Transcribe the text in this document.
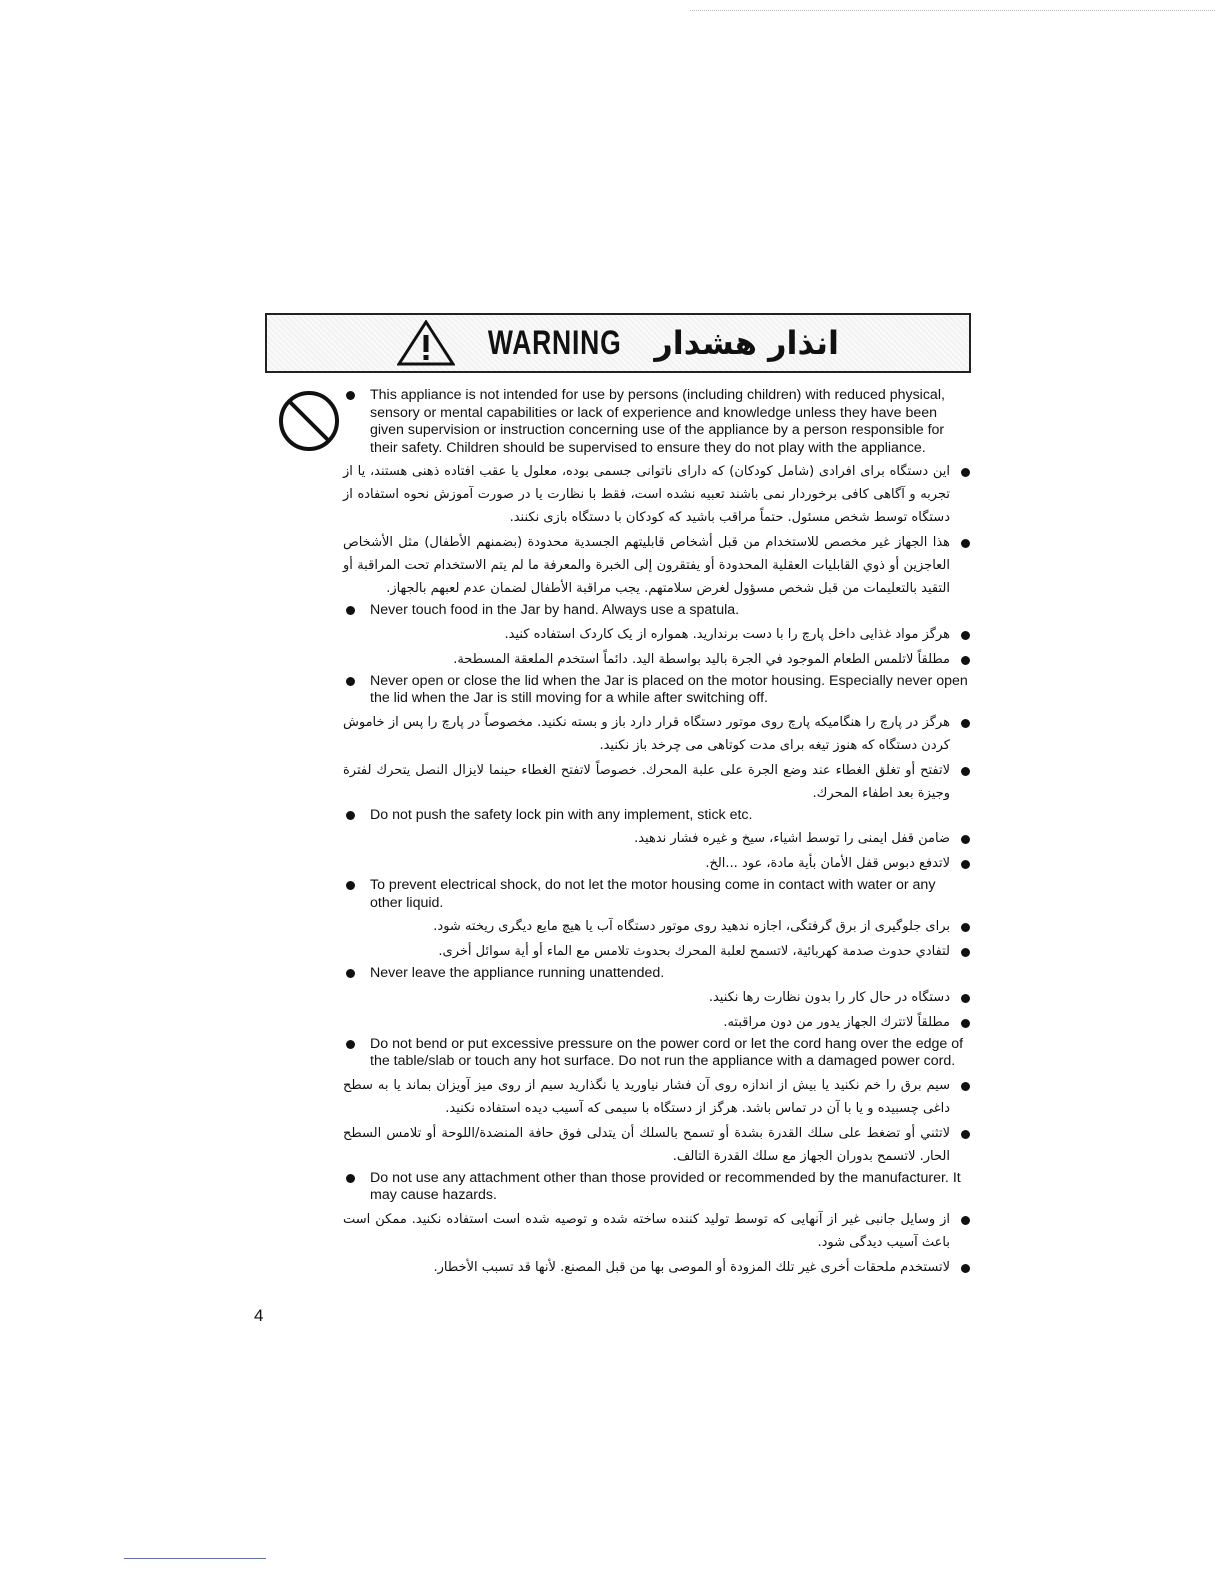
WARNING انذار هشدار
This appliance is not intended for use by persons (including children) with reduced physical, sensory or mental capabilities or lack of experience and knowledge unless they have been given supervision or instruction concerning use of the appliance by a person responsible for their safety. Children should be supervised to ensure they do not play with the appliance.
این دستگاه برای افرادی (شامل کودکان) که دارای ناتوانی جسمی بوده، معلول یا عقب افتاده ذهنی هستند، یا از تجربه و آگاهی کافی برخوردار نمی باشند تعبیه نشده است، فقط با نظارت یا در صورت آموزش نحوه استفاده از دستگاه توسط شخص مسئول. حتماً مراقب باشید که کودکان با دستگاه بازی نکنند.
هذا الجهاز غير مخصص للاستخدام من قبل أشخاص قابليتهم الجسدية محدودة (بضمنهم الأطفال) مثل الأشخاص العاجزين أو ذوي القابليات العقلية المحدودة أو يفتقرون إلى الخبرة والمعرفة ما لم يتم الاستخدام تحت المراقبة أو التقيد بالتعليمات من قبل شخص مسؤول لغرض سلامتهم. يجب مراقبة الأطفال لضمان عدم لعبهم بالجهاز.
Never touch food in the Jar by hand. Always use a spatula.
هرگز مواد غذایی داخل پارچ را با دست برندارید. همواره از یک کاردک استفاده کنید.
مطلقاً لاتلمس الطعام الموجود في الجرة باليد بواسطة اليد. دائماً استخدم الملعقة المسطحة.
Never open or close the lid when the Jar is placed on the motor housing. Especially never open the lid when the Jar is still moving for a while after switching off.
هرگز در پارچ را هنگامیکه پارچ روی موتور دستگاه قرار دارد باز و بسته نکنید. مخصوصاً در پارچ را پس از خاموش کردن دستگاه که هنوز تیغه برای مدت کوتاهی می چرخد باز نکنید.
لاتفتح أو تغلق الغطاء عند وضع الجرة على علبة المحرك. خصوصاً لاتفتح الغطاء حينما لايزال النصل يتحرك لفترة وجيزة بعد اطفاء المحرك.
Do not push the safety lock pin with any implement, stick etc.
ضامن قفل ایمنی را توسط اشیاء، سیخ و غیره فشار ندهید.
لاتدفع دبوس قفل الأمان بأية مادة، عود ...الخ.
To prevent electrical shock, do not let the motor housing come in contact with water or any other liquid.
برای جلوگیری از برق گرفتگی، اجازه ندهید روی موتور دستگاه آب یا هیچ مایع دیگری ریخته شود.
لتفادي حدوث صدمة كهربائية، لاتسمح لعلبة المحرك بحدوث تلامس مع الماء أو أية سوائل أخرى.
Never leave the appliance running unattended.
دستگاه در حال کار را بدون نظارت رها نکنید.
مطلقاً لاتترك الجهاز يدور من دون مراقبته.
Do not bend or put excessive pressure on the power cord or let the cord hang over the edge of the table/slab or touch any hot surface. Do not run the appliance with a damaged power cord.
سیم برق را خم نکنید یا بیش از اندازه روی آن فشار نیاورید یا نگذارید سیم از روی میز آویزان بماند یا به سطح داغی چسبیده و یا با آن در تماس باشد. هرگز از دستگاه با سیمی که آسیب دیده استفاده نکنید.
لاتثني أو تضغط على سلك القدرة بشدة أو تسمح بالسلك أن يتدلى فوق حافة المنضدة/اللوحة أو تلامس السطح الحار. لاتسمح بدوران الجهاز مع سلك القدرة التالف.
Do not use any attachment other than those provided or recommended by the manufacturer. It may cause hazards.
از وسایل جانبی غیر از آنهایی که توسط تولید کننده ساخته شده و توصیه شده است استفاده نکنید. ممکن است باعث آسیب دیدگی شود.
لاتستخدم ملحقات أخرى غير تلك المزودة أو الموصى بها من قبل المصنع. لأنها قد تسبب الأخطار.
4
